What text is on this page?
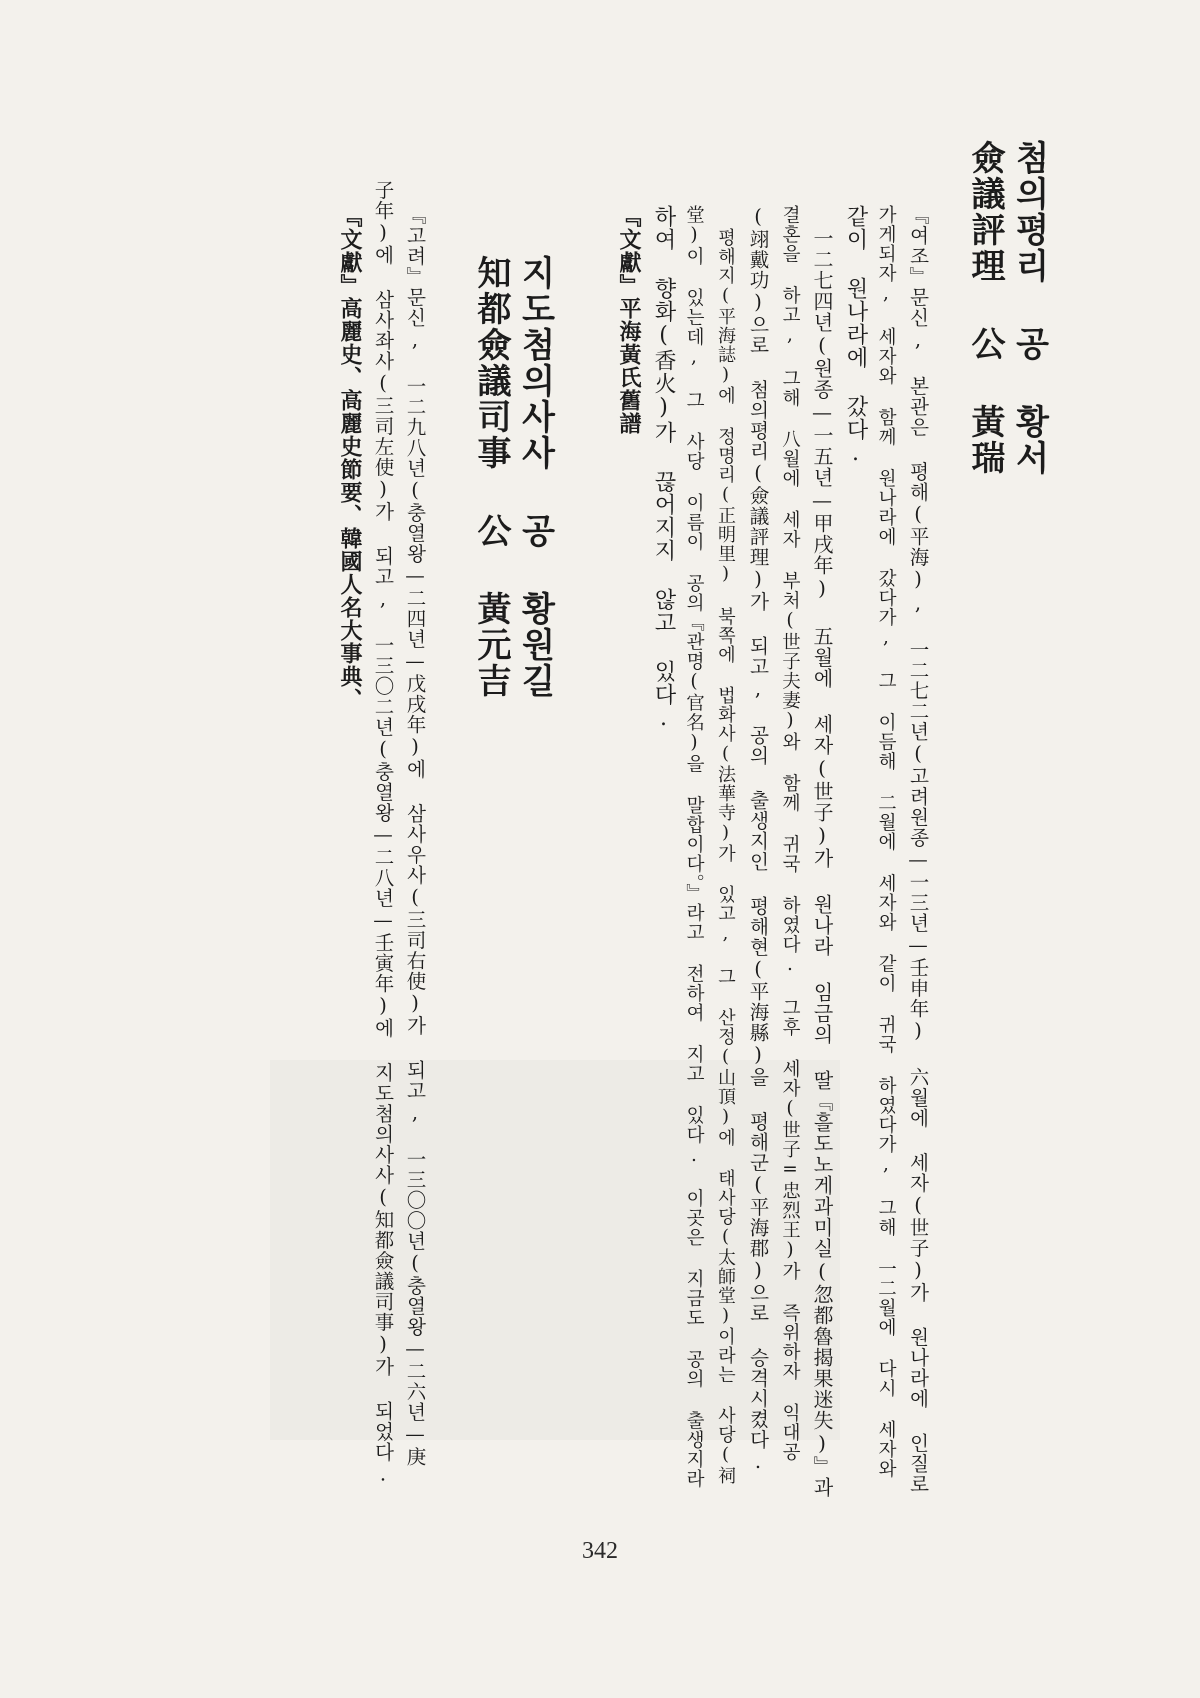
첨의평리 공 황서
僉議評理 公 黃瑞
『여조』문신, 본관은 평해(平海), 一二七二년(고려원종—一三년—壬申年) 六월에 세자(世子)가 원나라에 인질로
가게되자, 세자와 함께 원나라에 갔다가, 그 이듬해 二월에 세자와 같이 귀국 하였다가, 그해 一二월에 다시 세자와
같이 원나라에 갔다.
一二七四년(원종—一五년—甲戌年) 五월에 세자(世子)가 원나라 임금의 딸『흘도노게과미실(忽都魯揭果迷失)』과
결혼을 하고, 그해 八월에 세자 부처(世子夫妻)와 함께 귀국 하였다. 그후 세자(世子=忠烈王)가 즉위하자 익대공
(翊戴功)으로 첨의평리(僉議評理)가 되고, 공의 출생지인 평해현(平海縣)을 평해군(平海郡)으로 승격시켰다.
평해지(平海誌)에 정명리(正明里) 북쪽에 법화사(法華寺)가 있고, 그 산정(山頂)에 태사당(太師堂)이라는 사당(祠
堂)이 있는데, 그 사당 이름이 공의『관명(官名)을 말합이다。』라고 전하여 지고 있다. 이곳은 지금도 공의 출생지라
하여 향화(香火)가 끊어지지 않고 있다.
『文獻』平海黃氏舊譜
지도첨의사사 공 황원길
知都僉議司事 公 黃元吉
『고려』문신, 一二九八년(충열왕—二四년—戊戌年)에 삼사우사(三司右使)가 되고, 一三〇〇년(충열왕—二六년—庚
子年)에 삼사좌사(三司左使)가 되고, 一三〇二년(충열왕—二八년—壬寅年)에 지도첨의사사(知都僉議司事)가 되었다.
『文獻』高麗史、高麗史節要、韓國人名大事典、
342
